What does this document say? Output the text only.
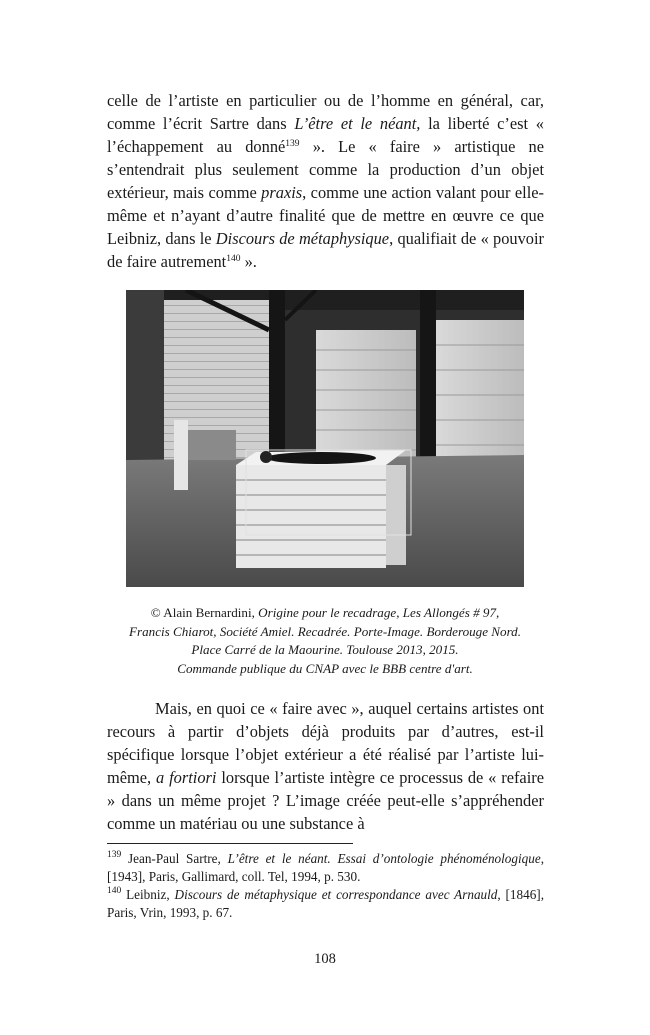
celle de l’artiste en particulier ou de l’homme en général, car, comme l’écrit Sartre dans L’être et le néant, la liberté c’est « l’échappement au donné$^{139}$ ». Le « faire » artistique ne s’entendrait plus seulement comme la production d’un objet extérieur, mais comme praxis, comme une action valant pour elle-même et n’ayant d’autre finalité que de mettre en œuvre ce que Leibniz, dans le Discours de métaphysique, qualifiait de « pouvoir de faire autrement$^{140}$ ».

© Alain Bernardini, Origine pour le recadrage, Les Allongés # 97,
Francis Chiarot, Société Amiel. Recadrée. Porte-Image. Borderouge Nord.
Place Carré de la Maourine. Toulouse 2013, 2015.
Commande publique du CNAP avec le BBB centre d'art.

Mais, en quoi ce « faire avec », auquel certains artistes ont recours à partir d’objets déjà produits par d’autres, est-il spécifique lorsque l’objet extérieur a été réalisé par l’artiste lui-même, a fortiori lorsque l’artiste intègre ce processus de « refaire » dans un même projet ? L’image créée peut-elle s’appréhender comme un matériau ou une substance à

$^{139}$ Jean-Paul Sartre, L’être et le néant. Essai d’ontologie phénoménologique, [1943], Paris, Gallimard, coll. Tel, 1994, p. 530.

$^{140}$ Leibniz, Discours de métaphysique et correspondance avec Arnauld, [1846], Paris, Vrin, 1993, p. 67.

108
